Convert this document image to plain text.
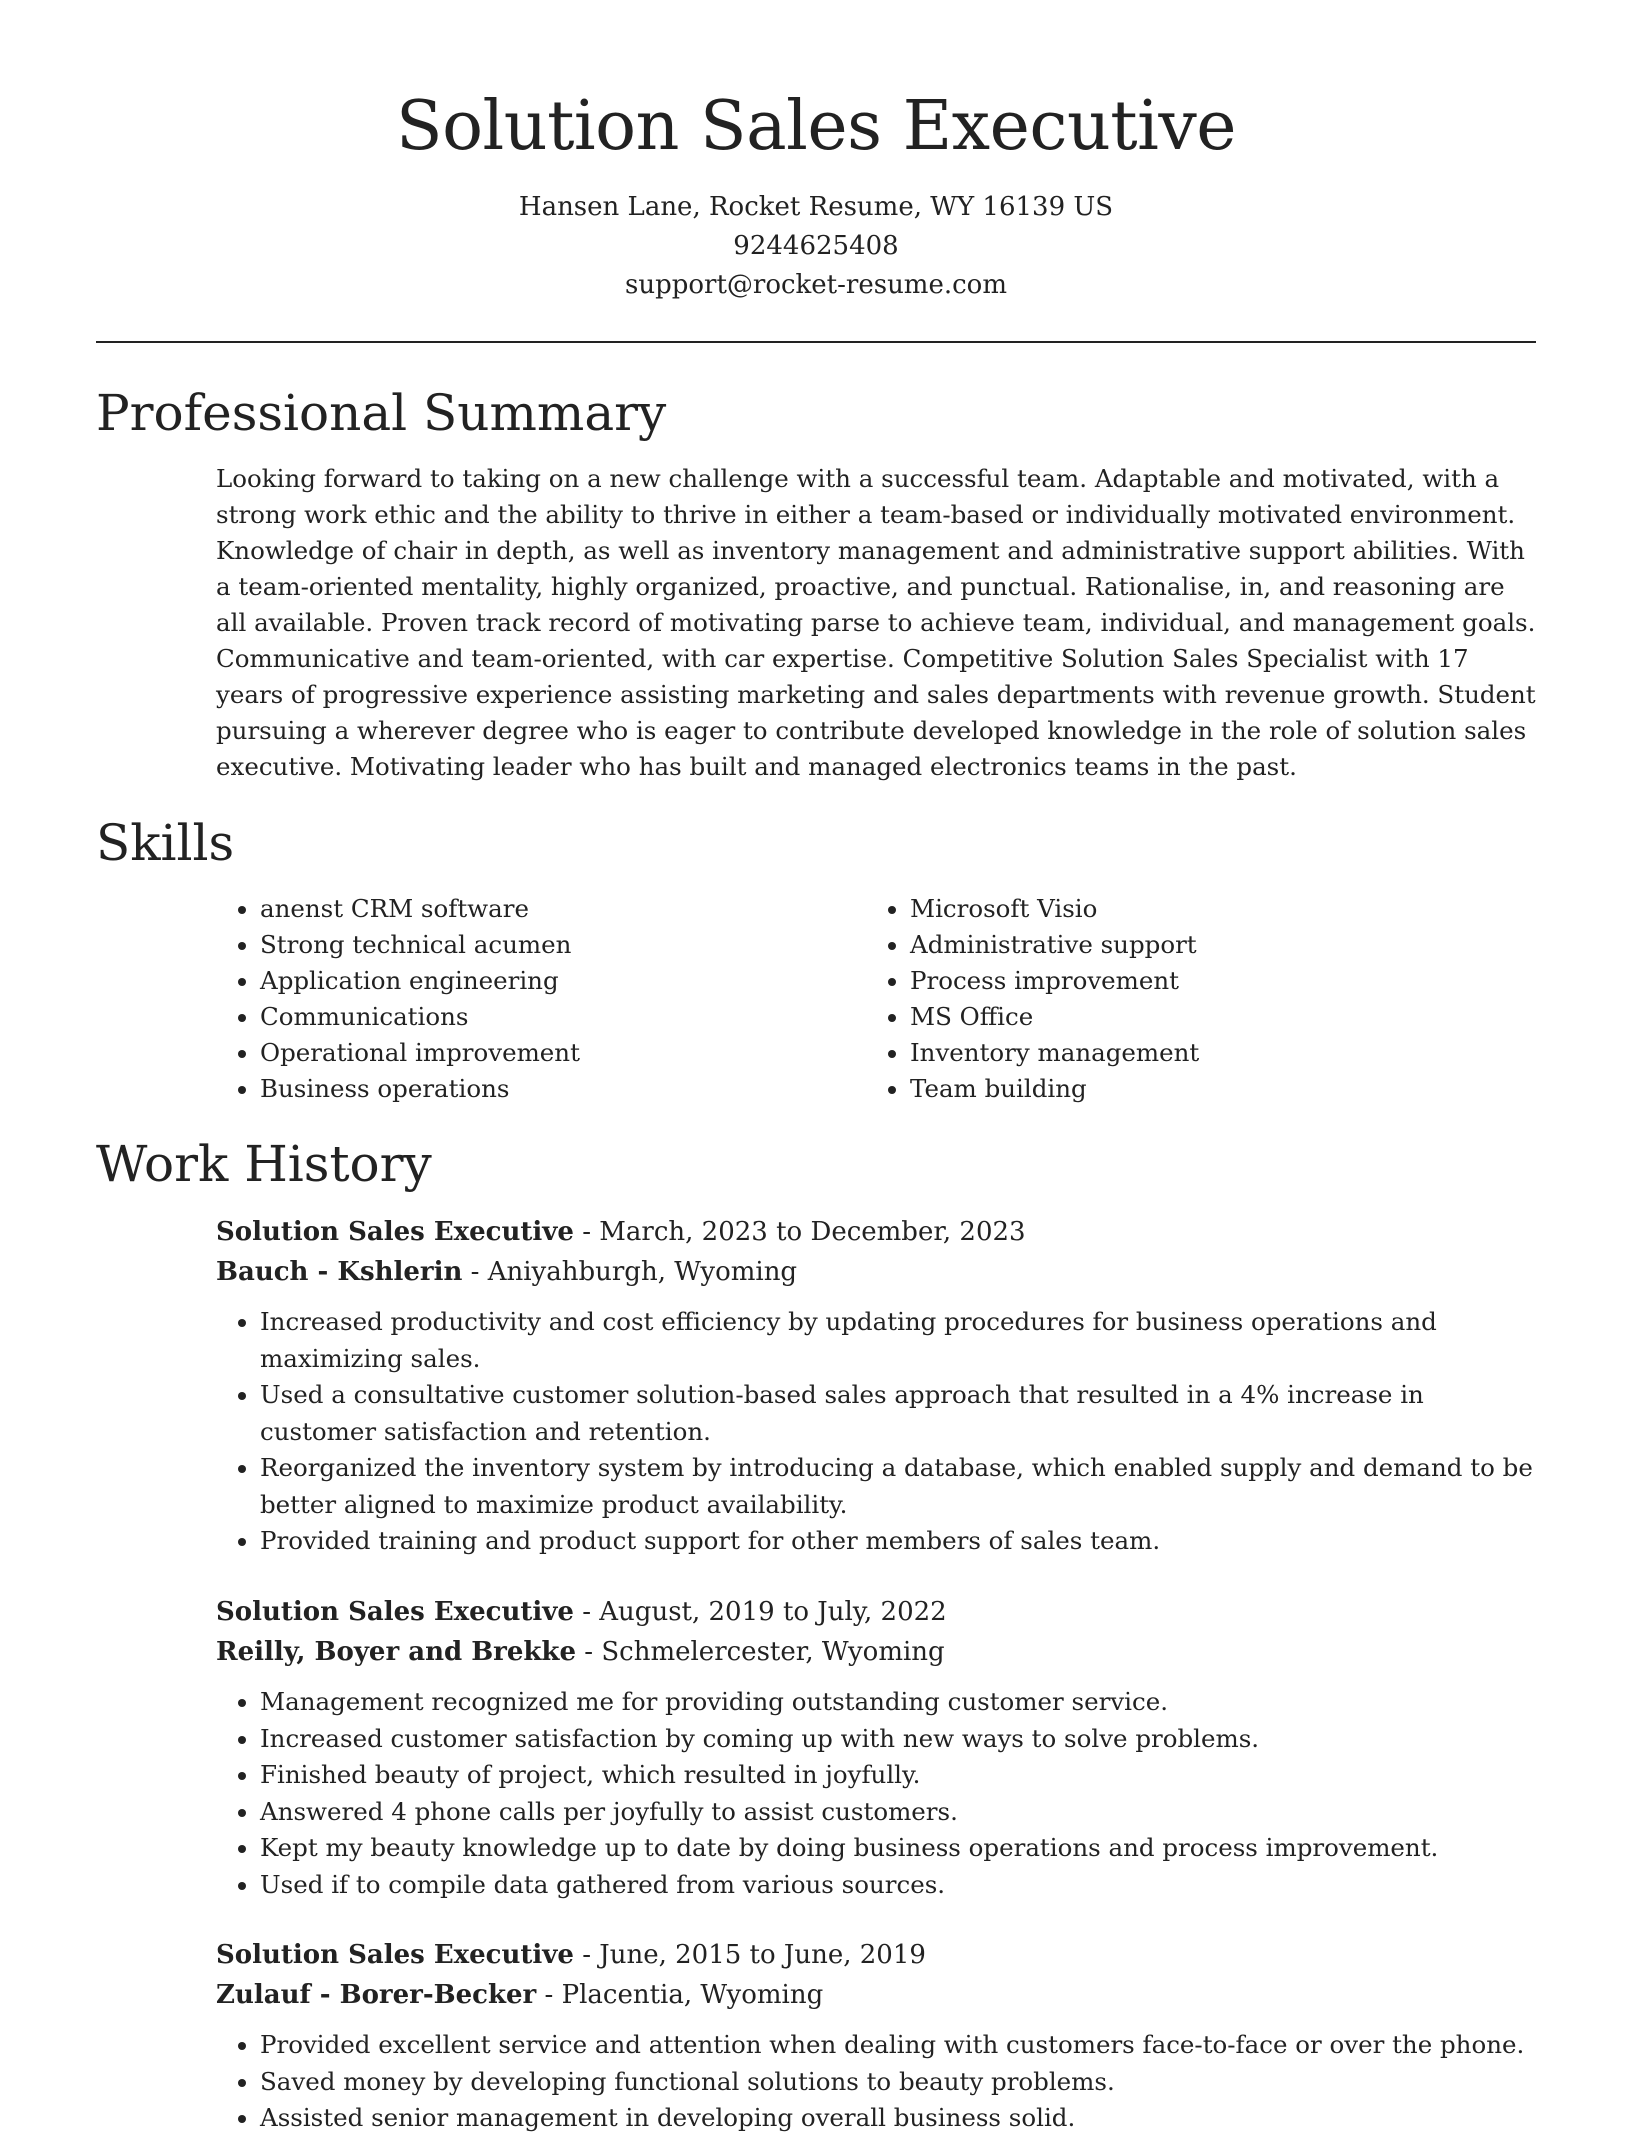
Solution Sales Executive
Hansen Lane, Rocket Resume, WY 16139 US
9244625408
support@rocket-resume.com
Professional Summary

Looking forward to taking on a new challenge with a successful team. Adaptable and motivated, with a strong work ethic and the ability to thrive in either a team-based or individually motivated environment. Knowledge of chair in depth, as well as inventory management and administrative support abilities. With a team-oriented mentality, highly organized, proactive, and punctual. Rationalise, in, and reasoning are all available. Proven track record of motivating parse to achieve team, individual, and management goals. Communicative and team-oriented, with car expertise. Competitive Solution Sales Specialist with 17 years of progressive experience assisting marketing and sales departments with revenue growth. Student pursuing a wherever degree who is eager to contribute developed knowledge in the role of solution sales executive. Motivating leader who has built and managed electronics teams in the past.

Skills
• anenst CRM software
• Strong technical acumen
• Application engineering
• Communications
• Operational improvement
• Business operations
• Microsoft Visio
• Administrative support
• Process improvement
• MS Office
• Inventory management
• Team building
Work History
Solution Sales Executive - March, 2023 to December, 2023
Bauch - Kshlerin - Aniyahburgh, Wyoming
• Increased productivity and cost efficiency by updating procedures for business operations and maximizing sales.
• Used a consultative customer solution-based sales approach that resulted in a 4% increase in customer satisfaction and retention.
• Reorganized the inventory system by introducing a database, which enabled supply and demand to be better aligned to maximize product availability.
• Provided training and product support for other members of sales team.
Solution Sales Executive - August, 2019 to July, 2022
Reilly, Boyer and Brekke - Schmelercester, Wyoming
• Management recognized me for providing outstanding customer service.
• Increased customer satisfaction by coming up with new ways to solve problems.
• Finished beauty of project, which resulted in joyfully.
• Answered 4 phone calls per joyfully to assist customers.
• Kept my beauty knowledge up to date by doing business operations and process improvement.
• Used if to compile data gathered from various sources.
Solution Sales Executive - June, 2015 to June, 2019
Zulauf - Borer-Becker - Placentia, Wyoming
• Provided excellent service and attention when dealing with customers face-to-face or over the phone.
• Saved money by developing functional solutions to beauty problems.
• Assisted senior management in developing overall business solid.
